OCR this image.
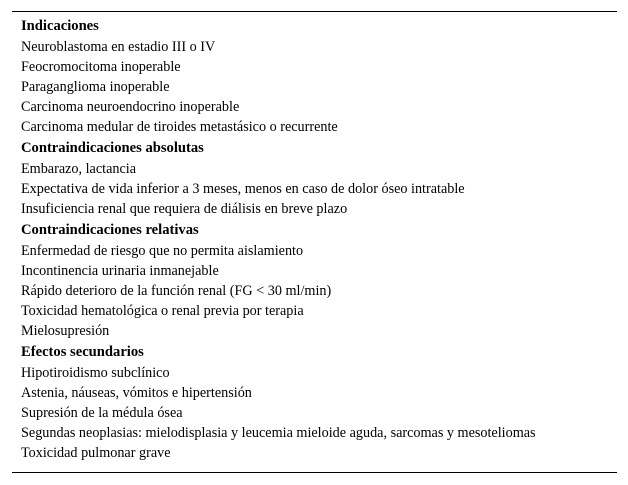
Indicaciones
Neuroblastoma en estadio III o IV
Feocromocitoma inoperable
Paraganglioma inoperable
Carcinoma neuroendocrino inoperable
Carcinoma medular de tiroides metastásico o recurrente
Contraindicaciones absolutas
Embarazo, lactancia
Expectativa de vida inferior a 3 meses, menos en caso de dolor óseo intratable
Insuficiencia renal que requiera de diálisis en breve plazo
Contraindicaciones relativas
Enfermedad de riesgo que no permita aislamiento
Incontinencia urinaria inmanejable
Rápido deterioro de la función renal (FG < 30 ml/min)
Toxicidad hematológica o renal previa por terapia
Mielosupresión
Efectos secundarios
Hipotiroidismo subclínico
Astenia, náuseas, vómitos e hipertensión
Supresión de la médula ósea
Segundas neoplasias: mielodisplasia y leucemia mieloide aguda, sarcomas y mesoteliomas
Toxicidad pulmonar grave
